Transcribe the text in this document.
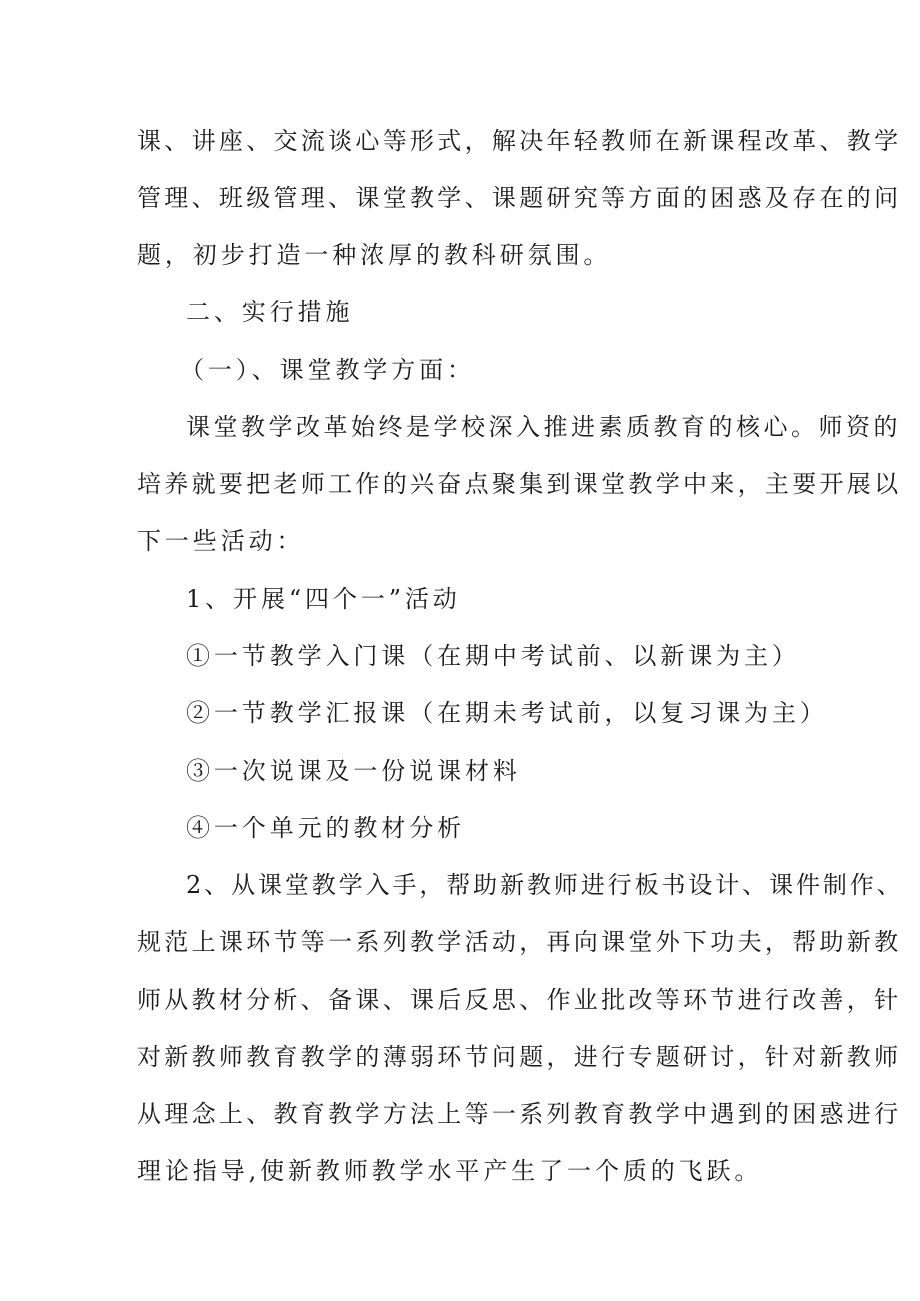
课、讲座、交流谈心等形式，解决年轻教师在新课程改革、教学
管理、班级管理、课堂教学、课题研究等方面的困惑及存在的问
题，初步打造一种浓厚的教科研氛围。
二、实行措施
（一）、课堂教学方面：
课堂教学改革始终是学校深入推进素质教育的核心。师资的
培养就要把老师工作的兴奋点聚集到课堂教学中来，主要开展以
下一些活动：
1、开展“四个一”活动
①一节教学入门课（在期中考试前、以新课为主）
②一节教学汇报课（在期未考试前，以复习课为主）
③一次说课及一份说课材料
④一个单元的教材分析
2、从课堂教学入手，帮助新教师进行板书设计、课件制作、
规范上课环节等一系列教学活动，再向课堂外下功夫，帮助新教
师从教材分析、备课、课后反思、作业批改等环节进行改善，针
对新教师教育教学的薄弱环节问题，进行专题研讨，针对新教师
从理念上、教育教学方法上等一系列教育教学中遇到的困惑进行
理论指导,使新教师教学水平产生了一个质的飞跃。
